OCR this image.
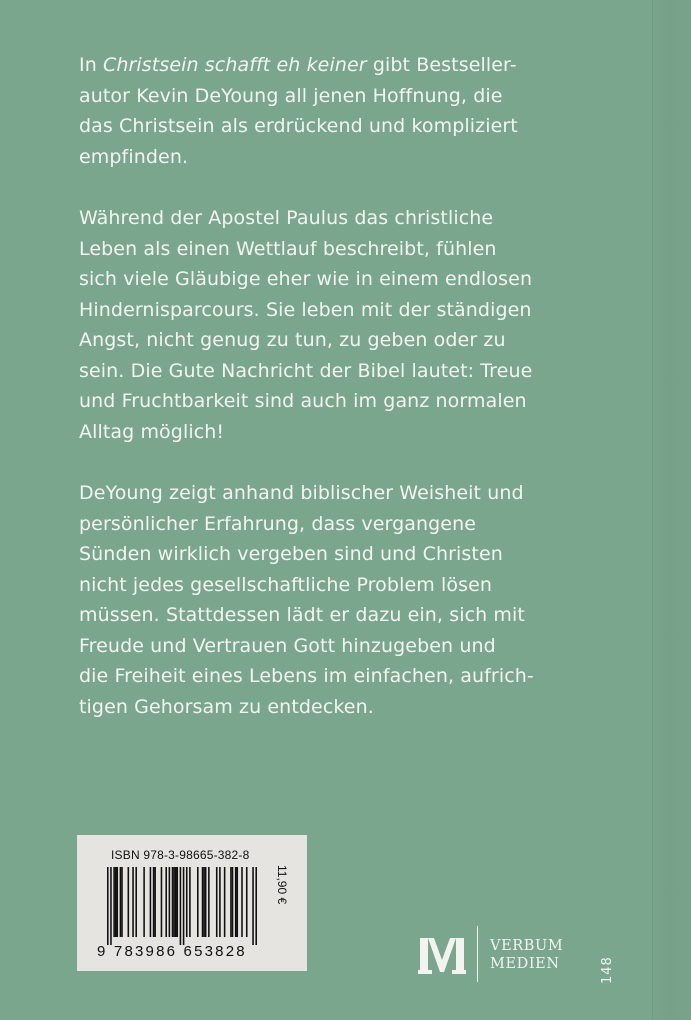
In Christsein schafft eh keiner gibt Bestseller-
autor Kevin DeYoung all jenen Hoffnung, die
das Christsein als erdrückend und kompliziert
empfinden.

Während der Apostel Paulus das christliche
Leben als einen Wettlauf beschreibt, fühlen
sich viele Gläubige eher wie in einem endlosen
Hindernisparcours. Sie leben mit der ständigen
Angst, nicht genug zu tun, zu geben oder zu
sein. Die Gute Nachricht der Bibel lautet: Treue
und Fruchtbarkeit sind auch im ganz normalen
Alltag möglich!

DeYoung zeigt anhand biblischer Weisheit und
persönlicher Erfahrung, dass vergangene
Sünden wirklich vergeben sind und Christen
nicht jedes gesellschaftliche Problem lösen
müssen. Stattdessen lädt er dazu ein, sich mit
Freude und Vertrauen Gott hinzugeben und
die Freiheit eines Lebens im einfachen, aufrich-
tigen Gehorsam zu entdecken.

ISBN 978-3-98665-382-8
9 783986 653828
11,90 €
VERBUM
MEDIEN	148
